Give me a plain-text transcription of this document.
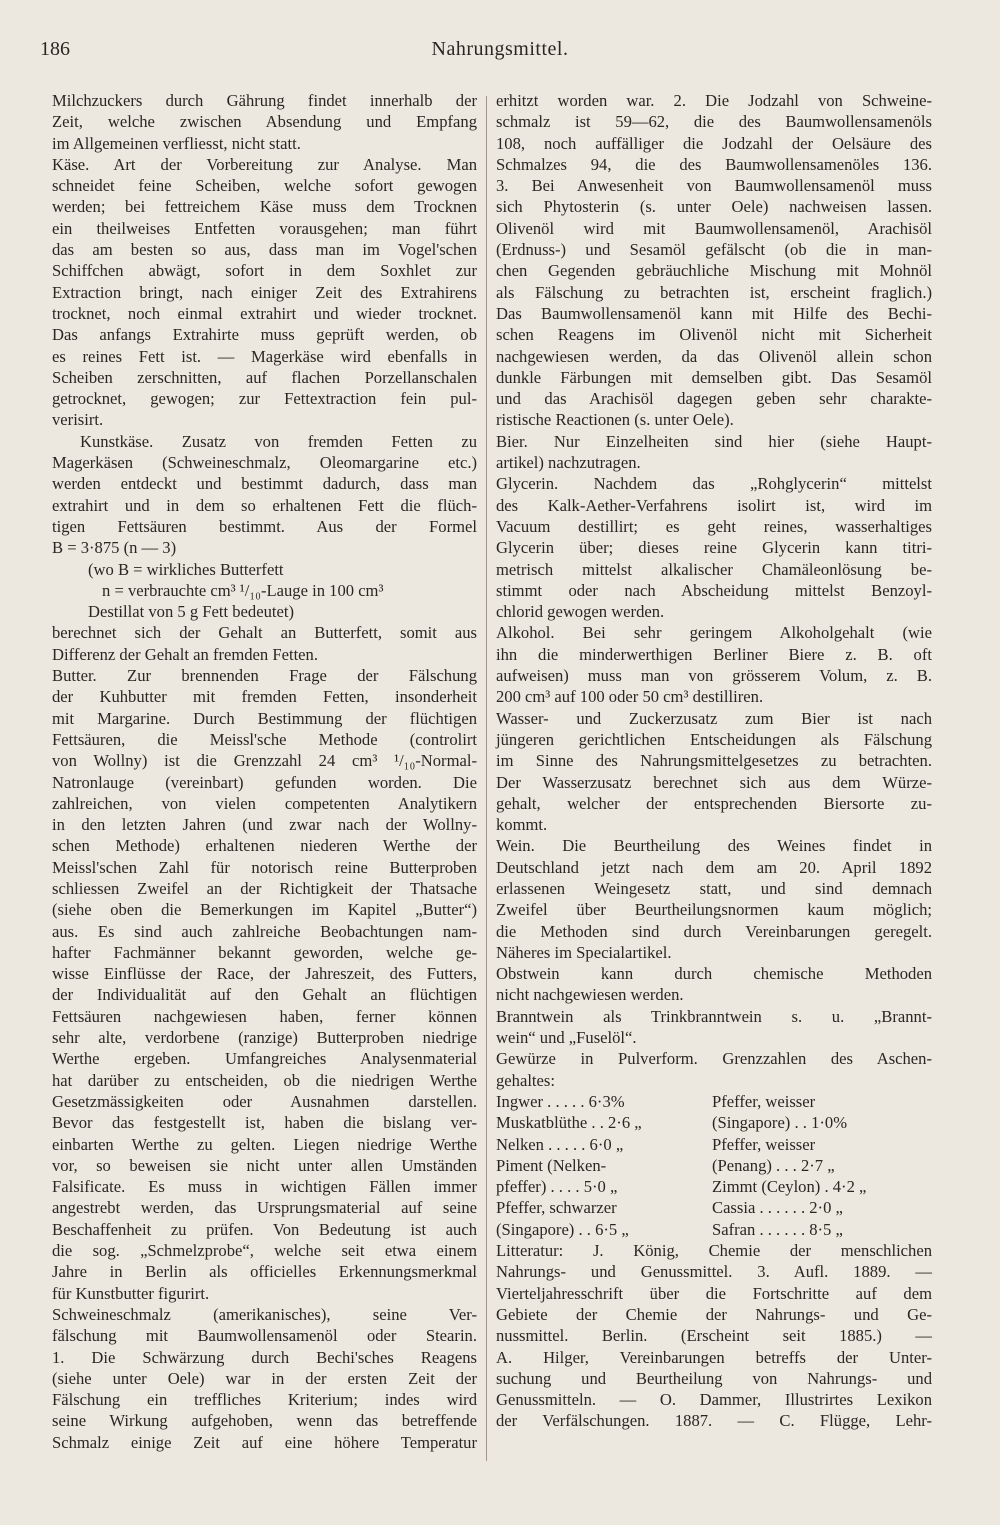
186	Nahrungsmittel.
Milchzuckers durch Gährung findet innerhalb der
Zeit, welche zwischen Absendung und Empfang
im Allgemeinen verfliesst, nicht statt.
Käse. Art der Vorbereitung zur Analyse. Man
schneidet feine Scheiben, welche sofort gewogen
werden; bei fettreichem Käse muss dem Trocknen
ein theilweises Entfetten vorausgehen; man führt
das am besten so aus, dass man im Vogel'schen
Schiffchen abwägt, sofort in dem Soxhlet zur
Extraction bringt, nach einiger Zeit des Extrahirens
trocknet, noch einmal extrahirt und wieder trocknet.
Das anfangs Extrahirte muss geprüft werden, ob
es reines Fett ist. — Magerkäse wird ebenfalls in
Scheiben zerschnitten, auf flachen Porzellanschalen
getrocknet, gewogen; zur Fettextraction fein pul-
verisirt.
Kunstkäse. Zusatz von fremden Fetten zu
Magerkäsen (Schweineschmalz, Oleomargarine etc.)
werden entdeckt und bestimmt dadurch, dass man
extrahirt und in dem so erhaltenen Fett die flüch-
tigen Fettsäuren bestimmt. Aus der Formel
B = 3·875 (n — 3)
(wo B = wirkliches Butterfett
n = verbrauchte cm³ ¹/₁₀-Lauge in 100 cm³
Destillat von 5 g Fett bedeutet)
berechnet sich der Gehalt an Butterfett, somit aus
Differenz der Gehalt an fremden Fetten.
Butter. Zur brennenden Frage der Fälschung
der Kuhbutter mit fremden Fetten, insonderheit
mit Margarine. Durch Bestimmung der flüchtigen
Fettsäuren, die Meissl'sche Methode (controlirt
von Wollny) ist die Grenzzahl 24 cm³ ¹/₁₀-Normal-
Natronlauge (vereinbart) gefunden worden. Die
zahlreichen, von vielen competenten Analytikern
in den letzten Jahren (und zwar nach der Wollny-
schen Methode) erhaltenen niederen Werthe der
Meissl'schen Zahl für notorisch reine Butterproben
schliessen Zweifel an der Richtigkeit der Thatsache
(siehe oben die Bemerkungen im Kapitel „Butter“)
aus. Es sind auch zahlreiche Beobachtungen nam-
hafter Fachmänner bekannt geworden, welche ge-
wisse Einflüsse der Race, der Jahreszeit, des Futters,
der Individualität auf den Gehalt an flüchtigen
Fettsäuren nachgewiesen haben, ferner können
sehr alte, verdorbene (ranzige) Butterproben niedrige
Werthe ergeben. Umfangreiches Analysenmaterial
hat darüber zu entscheiden, ob die niedrigen Werthe
Gesetzmässigkeiten oder Ausnahmen darstellen.
Bevor das festgestellt ist, haben die bislang ver-
einbarten Werthe zu gelten. Liegen niedrige Werthe
vor, so beweisen sie nicht unter allen Umständen
Falsificate. Es muss in wichtigen Fällen immer
angestrebt werden, das Ursprungsmaterial auf seine
Beschaffenheit zu prüfen. Von Bedeutung ist auch
die sog. „Schmelzprobe“, welche seit etwa einem
Jahre in Berlin als officielles Erkennungsmerkmal
für Kunstbutter figurirt.
Schweineschmalz (amerikanisches), seine Ver-
fälschung mit Baumwollensamenöl oder Stearin.
1. Die Schwärzung durch Bechi'sches Reagens
(siehe unter Oele) war in der ersten Zeit der
Fälschung ein treffliches Kriterium; indes wird
seine Wirkung aufgehoben, wenn das betreffende
Schmalz einige Zeit auf eine höhere Temperatur
erhitzt worden war. 2. Die Jodzahl von Schweine-
schmalz ist 59—62, die des Baumwollensamenöls
108, noch auffälliger die Jodzahl der Oelsäure des
Schmalzes 94, die des Baumwollensamenöles 136.
3. Bei Anwesenheit von Baumwollensamenöl muss
sich Phytosterin (s. unter Oele) nachweisen lassen.
Olivenöl wird mit Baumwollensamenöl, Arachisöl
(Erdnuss-) und Sesamöl gefälscht (ob die in man-
chen Gegenden gebräuchliche Mischung mit Mohnöl
als Fälschung zu betrachten ist, erscheint fraglich.)
Das Baumwollensamenöl kann mit Hilfe des Bechi-
schen Reagens im Olivenöl nicht mit Sicherheit
nachgewiesen werden, da das Olivenöl allein schon
dunkle Färbungen mit demselben gibt. Das Sesamöl
und das Arachisöl dagegen geben sehr charakte-
ristische Reactionen (s. unter Oele).
Bier. Nur Einzelheiten sind hier (siehe Haupt-
artikel) nachzutragen.
Glycerin. Nachdem das „Rohglycerin“ mittelst
des Kalk-Aether-Verfahrens isolirt ist, wird im
Vacuum destillirt; es geht reines, wasserhaltiges
Glycerin über; dieses reine Glycerin kann titri-
metrisch mittelst alkalischer Chamäleonlösung be-
stimmt oder nach Abscheidung mittelst Benzoyl-
chlorid gewogen werden.
Alkohol. Bei sehr geringem Alkoholgehalt (wie
ihn die minderwerthigen Berliner Biere z. B. oft
aufweisen) muss man von grösserem Volum, z. B.
200 cm³ auf 100 oder 50 cm³ destilliren.
Wasser- und Zuckerzusatz zum Bier ist nach
jüngeren gerichtlichen Entscheidungen als Fälschung
im Sinne des Nahrungsmittelgesetzes zu betrachten.
Der Wasserzusatz berechnet sich aus dem Würze-
gehalt, welcher der entsprechenden Biersorte zu-
kommt.
Wein. Die Beurtheilung des Weines findet in
Deutschland jetzt nach dem am 20. April 1892
erlassenen Weingesetz statt, und sind demnach
Zweifel über Beurtheilungsnormen kaum möglich;
die Methoden sind durch Vereinbarungen geregelt.
Näheres im Specialartikel.
Obstwein kann durch chemische Methoden
nicht nachgewiesen werden.
Branntwein als Trinkbranntwein s. u. „Brannt-
wein“ und „Fuselöl“.
Gewürze in Pulverform. Grenzzahlen des Aschen-
gehaltes:
Ingwer . . . . . 6·3%	Pfeffer, weisser
Muskatblüthe . . 2·6 „	(Singapore) . . 1·0%
Nelken . . . . . 6·0 „	Pfeffer, weisser
Piment (Nelken-	(Penang) . . . 2·7 „
pfeffer) . . . . 5·0 „	Zimmt (Ceylon) . 4·2 „
Pfeffer, schwarzer	Cassia . . . . . . 2·0 „
(Singapore) . . 6·5 „	Safran . . . . . . 8·5 „
Litteratur: J. König, Chemie der menschlichen
Nahrungs- und Genussmittel. 3. Aufl. 1889. —
Vierteljahresschrift über die Fortschritte auf dem
Gebiete der Chemie der Nahrungs- und Ge-
nussmittel. Berlin. (Erscheint seit 1885.) —
A. Hilger, Vereinbarungen betreffs der Unter-
suchung und Beurtheilung von Nahrungs- und
Genussmitteln. — O. Dammer, Illustrirtes Lexikon
der Verfälschungen. 1887. — C. Flügge, Lehr-
